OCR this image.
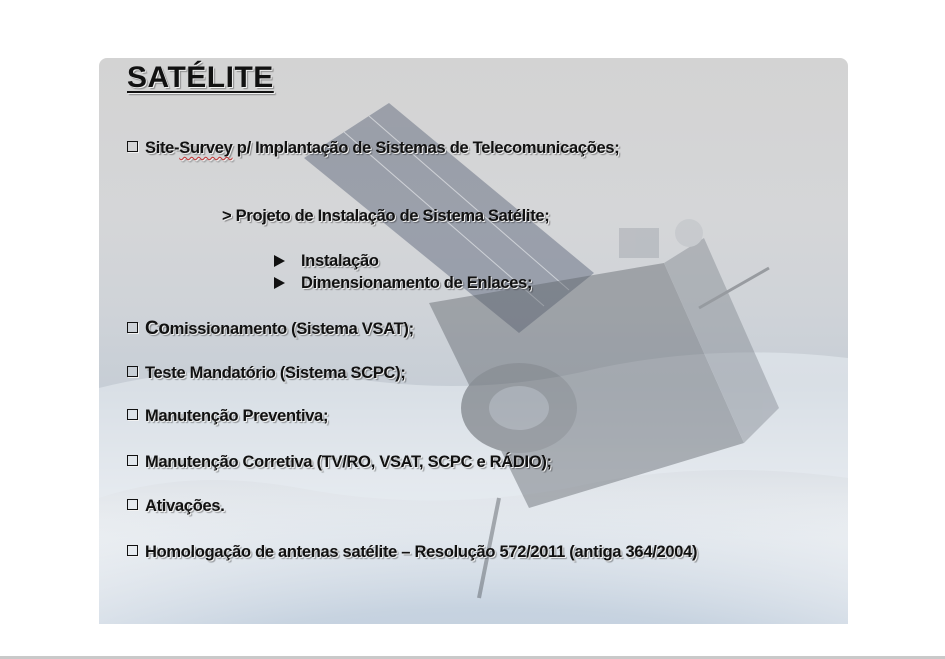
SATÉLITE
Site-Survey p/ Implantação de Sistemas de Telecomunicações;
> Projeto de Instalação de Sistema Satélite;
Instalação
Dimensionamento de Enlaces;
Comissionamento (Sistema VSAT);
Teste Mandatório (Sistema SCPC);
Manutenção Preventiva;
Manutenção Corretiva (TV/RO, VSAT, SCPC e RÁDIO);
Ativações.
Homologação de antenas satélite – Resolução 572/2011 (antiga 364/2004)
